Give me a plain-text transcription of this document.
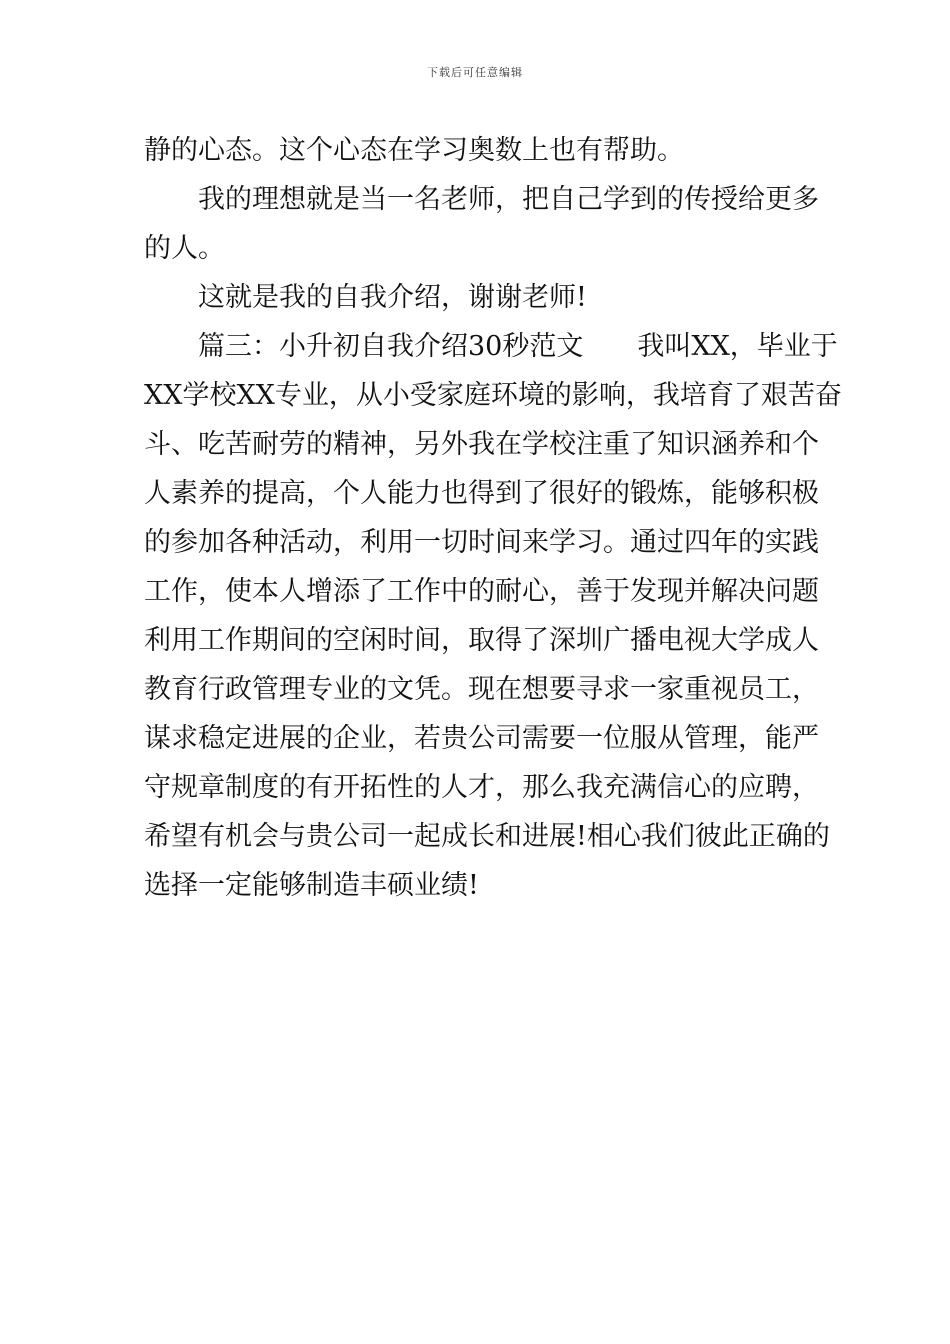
下载后可任意编辑
静的心态。这个心态在学习奥数上也有帮助。
我的理想就是当一名老师，把自己学到的传授给更多
的人。
这就是我的自我介绍，谢谢老师!
篇三：小升初自我介绍30秒范文 我叫XX，毕业于
XX学校XX专业，从小受家庭环境的影响，我培育了艰苦奋
斗、吃苦耐劳的精神，另外我在学校注重了知识涵养和个
人素养的提高，个人能力也得到了很好的锻炼，能够积极
的参加各种活动，利用一切时间来学习。通过四年的实践
工作，使本人增添了工作中的耐心，善于发现并解决问题
利用工作期间的空闲时间，取得了深圳广播电视大学成人
教育行政管理专业的文凭。现在想要寻求一家重视员工，
谋求稳定进展的企业，若贵公司需要一位服从管理，能严
守规章制度的有开拓性的人才，那么我充满信心的应聘，
希望有机会与贵公司一起成长和进展!相心我们彼此正确的
选择一定能够制造丰硕业绩!
